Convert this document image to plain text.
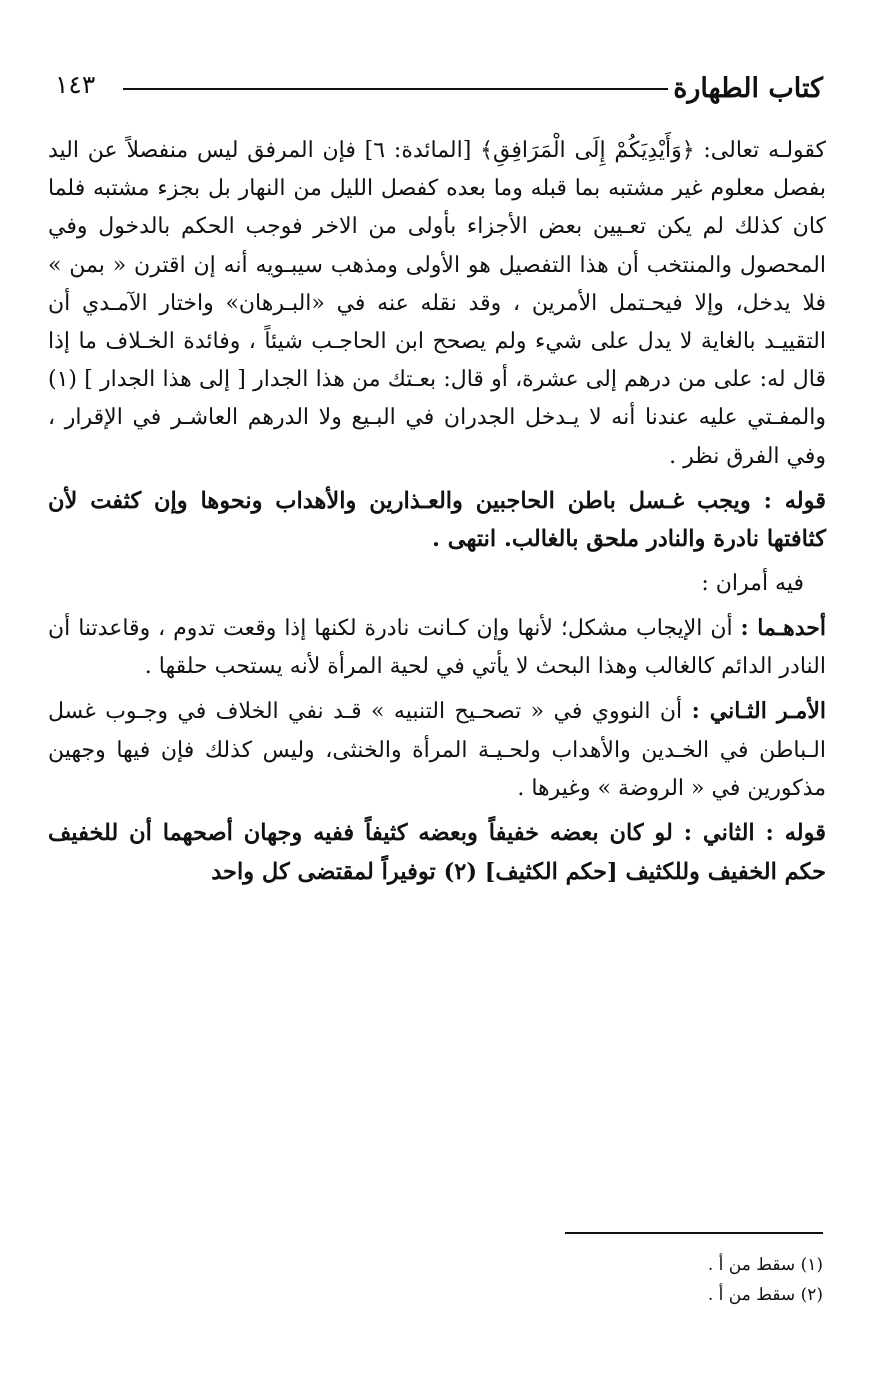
كتاب الطهارة
١٤٣

كقولـه تعالى: ﴿وَأَيْدِيَكُمْ إِلَى الْمَرَافِقِ﴾ [المائدة: ٦] فإن المرفق ليس منفصلاً عن اليد بفصل معلوم غير مشتبه بما قبله وما بعده كفصل الليل من النهار بل بجزء مشتبه فلما كان كذلك لم يكن تعـيين بعض الأجزاء بأولى من الاخر فوجب الحكم بالدخول وفي المحصول والمنتخب أن هذا التفصيل هو الأولى ومذهب سيبـويه أنه إن اقترن « بمن » فلا يدخل، وإلا فيحـتمل الأمرين ، وقد نقله عنه في «البـرهان» واختار الآمـدي أن التقييـد بالغاية لا يدل على شيء ولم يصحح ابن الحاجـب شيئاً ، وفائدة الخـلاف ما إذا قال له: على من درهم إلى عشرة، أو قال: بعـتك من هذا الجدار [ إلى هذا الجدار ] (١) والمفـتي عليه عندنا أنه لا يـدخل الجدران في البـيع ولا الدرهم العاشـر في الإقرار ، وفي الفرق نظر .

قوله : ويجب غـسل باطن الحاجبين والعـذارين والأهداب ونحوها وإن كثفت لأن كثافتها نادرة والنادر ملحق بالغالب. انتهى .

فيه أمران :

أحدهـما : أن الإيجاب مشكل؛ لأنها وإن كـانت نادرة لكنها إذا وقعت تدوم ، وقاعدتنا أن النادر الدائم كالغالب وهذا البحث لا يأتي في لحية المرأة لأنه يستحب حلقها .

الأمـر الثـاني : أن النووي في « تصحـيح التنبيه » قـد نفي الخلاف في وجـوب غسل الـباطن في الخـدين والأهداب ولحـيـة المرأة والخنثى، وليس كذلك فإن فيها وجهين مذكورين في « الروضة » وغيرها .

قوله : الثاني : لو كان بعضه خفيفاً وبعضه كثيفاً ففيه وجهان أصحهما أن للخفيف حكم الخفيف وللكثيف [حكم الكثيف] (٢) توفيراً لمقتضى كل واحد

(١) سقط من أ .

(٢) سقط من أ .
